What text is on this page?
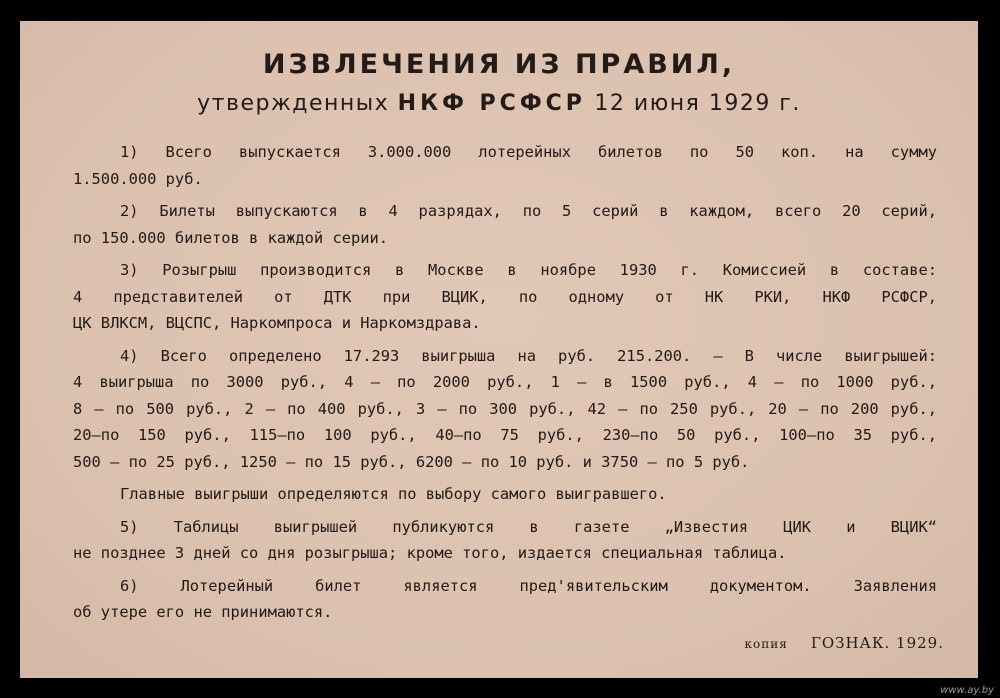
ИЗВЛЕЧЕНИЯ ИЗ ПРАВИЛ,
утвержденных НКФ РСФСР 12 июня 1929 г.
1) Всего выпускается 3.000.000 лотерейных билетов по 50 коп. на сумму
1.500.000 руб.
2) Билеты выпускаются в 4 разрядах, по 5 серий в каждом, всего 20 серий,
по 150.000 билетов в каждой серии.
3) Розыгрыш производится в Москве в ноябре 1930 г. Комиссией в составе:
4 представителей от ДТК при ВЦИК, по одному от НК РКИ, НКФ РСФСР,
ЦК ВЛКСМ, ВЦСПС, Наркомпроса и Наркомздрава.
4) Всего определено 17.293 выигрыша на руб. 215.200. — В числе выигрышей:
4 выигрыша по 3000 руб., 4 — по 2000 руб., 1 — в 1500 руб., 4 — по 1000 руб.,
8 — по 500 руб., 2 — по 400 руб., 3 — по 300 руб., 42 — по 250 руб., 20 — по 200 руб.,
20—по 150 руб., 115—по 100 руб., 40—по 75 руб., 230—по 50 руб., 100—по 35 руб.,
500 — по 25 руб., 1250 — по 15 руб., 6200 — по 10 руб. и 3750 — по 5 руб.
Главные выигрыши определяются по выбору самого выигравшего.
5) Таблицы выигрышей публикуются в газете „Известия ЦИК и ВЦИК“
не позднее 3 дней со дня розыгрыша; кроме того, издается специальная таблица.
6) Лотерейный билет является пред'явительским документом. Заявления
об утере его не принимаются.
копия ГОЗНАК. 1929.
www.ay.by
